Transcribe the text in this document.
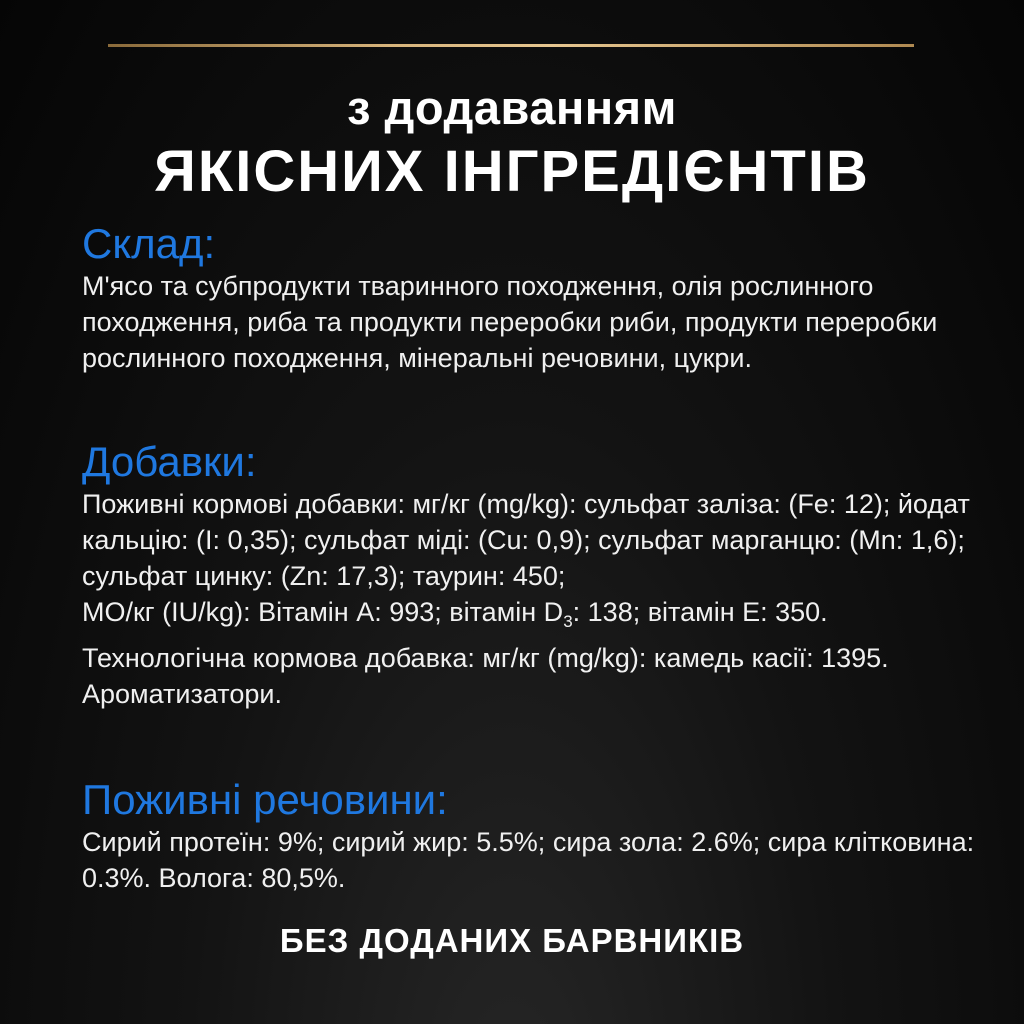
з додаванням
ЯКІСНИХ ІНГРЕДІЄНТІВ
Склад:
М'ясо та субпродукти тваринного походження, олія рослинного походження, риба та продукти переробки риби, продукти переробки рослинного походження, мінеральні речовини, цукри.
Добавки:

Поживні кормові добавки: мг/кг (mg/kg): сульфат заліза: (Fe: 12); йодат кальцію: (I: 0,35); сульфат міді: (Cu: 0,9); сульфат марганцю: (Mn: 1,6); сульфат цинку: (Zn: 17,3); таурин: 450;

МО/кг (IU/kg): Вітамін A: 993; вітамін $D_3$: 138; вітамін E: 350.

Технологічна кормова добавка: мг/кг (mg/kg): камедь касії: 1395. Ароматизатори.

Поживні речовини:
Сирий протеїн: 9%; сирий жир: 5.5%; сира зола: 2.6%; сира клітковина: 0.3%. Волога: 80,5%.
БЕЗ ДОДАНИХ БАРВНИКІВ
